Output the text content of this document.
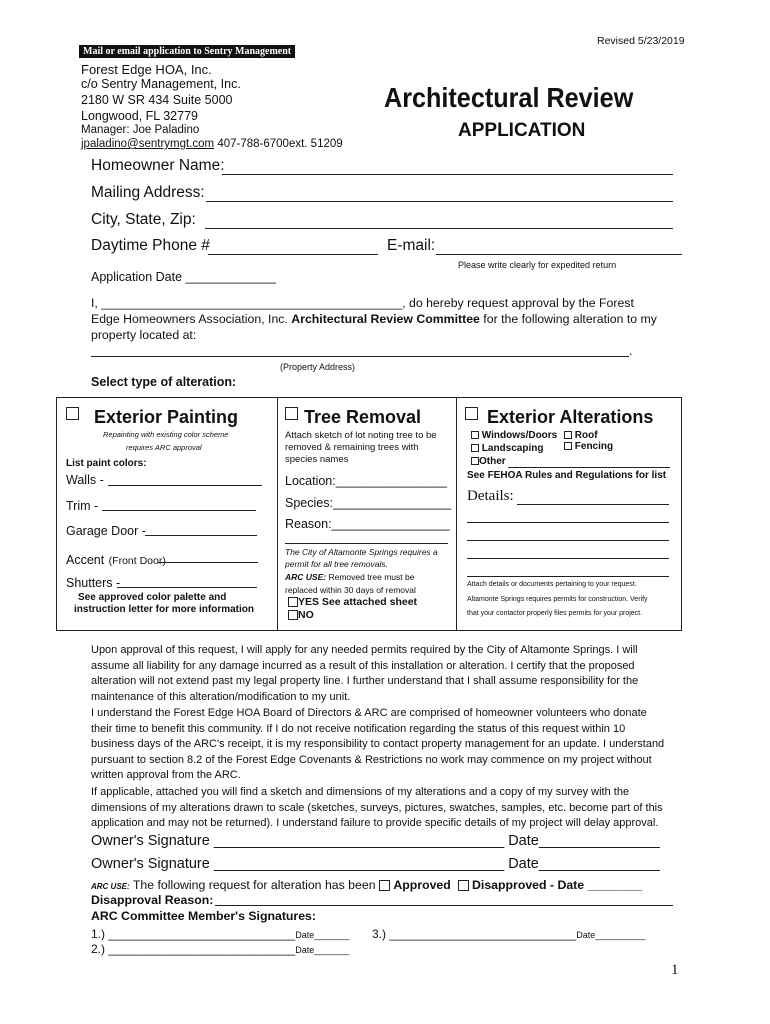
Revised 5/23/2019
Mail or email application to Sentry Management
Forest Edge HOA, Inc.
c/o Sentry Management, Inc.
2180 W SR 434 Suite 5000
Longwood, FL 32779
Manager: Joe Paladino
jpaladino@sentrymgt.com 407-788-6700ext. 51209
Architectural Review
APPLICATION
Homeowner Name:
Mailing Address:
City, State, Zip:
Daytime Phone #	E-mail:
Please write clearly for expedited return
Application Date _____________
I, ____________________________________________, do hereby request approval by the Forest
Edge Homeowners Association, Inc. Architectural Review Committee for the following alteration to my
property located at:
.
(Property Address)
Select type of alteration:
Exterior Painting
Repainting with existing color scheme
requires ARC approval
List paint colors:
Walls -
Trim -
Garage Door -
Accent (Front Door)
Shutters -
See approved color palette and
instruction letter for more information
Tree Removal
Attach sketch of lot noting tree to be
removed & remaining trees with
species names
Location:________________
Species:_________________
Reason:_________________
The City of Altamonte Springs requires a
permit for all tree removals.
ARC USE: Removed tree must be
replaced within 30 days of removal
YES See attached sheet
NO
Exterior Alterations
Windows/Doors	Roof
Landscaping	Fencing
Other
See FEHOA Rules and Regulations for list
Details:
Attach details or documents pertaining to your request.
Altamonte Springs requires permits for construction. Verify
that your contactor properly files permits for your project.
Upon approval of this request, I will apply for any needed permits required by the City of Altamonte Springs. I will assume all liability for any damage incurred as a result of this installation or alteration. I certify that the proposed alteration will not extend past my legal property line. I further understand that I shall assume responsibility for the maintenance of this alteration/modification to my unit.
I understand the Forest Edge HOA Board of Directors & ARC are comprised of homeowner volunteers who donate their time to benefit this community. If I do not receive notification regarding the status of this request within 10 business days of the ARC's receipt, it is my responsibility to contact property management for an update. I understand pursuant to section 8.2 of the Forest Edge Covenants & Restrictions no work may commence on my project without written approval from the ARC.
If applicable, attached you will find a sketch and dimensions of my alterations and a copy of my survey with the dimensions of my alterations drawn to scale (sketches, surveys, pictures, swatches, samples, etc. become part of this application and may not be returned). I understand failure to provide specific details of my project will delay approval.
Owner's Signature ____________________________________ Date_______________
Owner's Signature ____________________________________ Date_______________
ARC USE: The following request for alteration has been  Approved Disapproved - Date ________
Disapproval Reason:
ARC Committee Member's Signatures:
1.) ____________________________Date_______ 3.) ____________________________Date__________
2.) ____________________________Date_______
1
